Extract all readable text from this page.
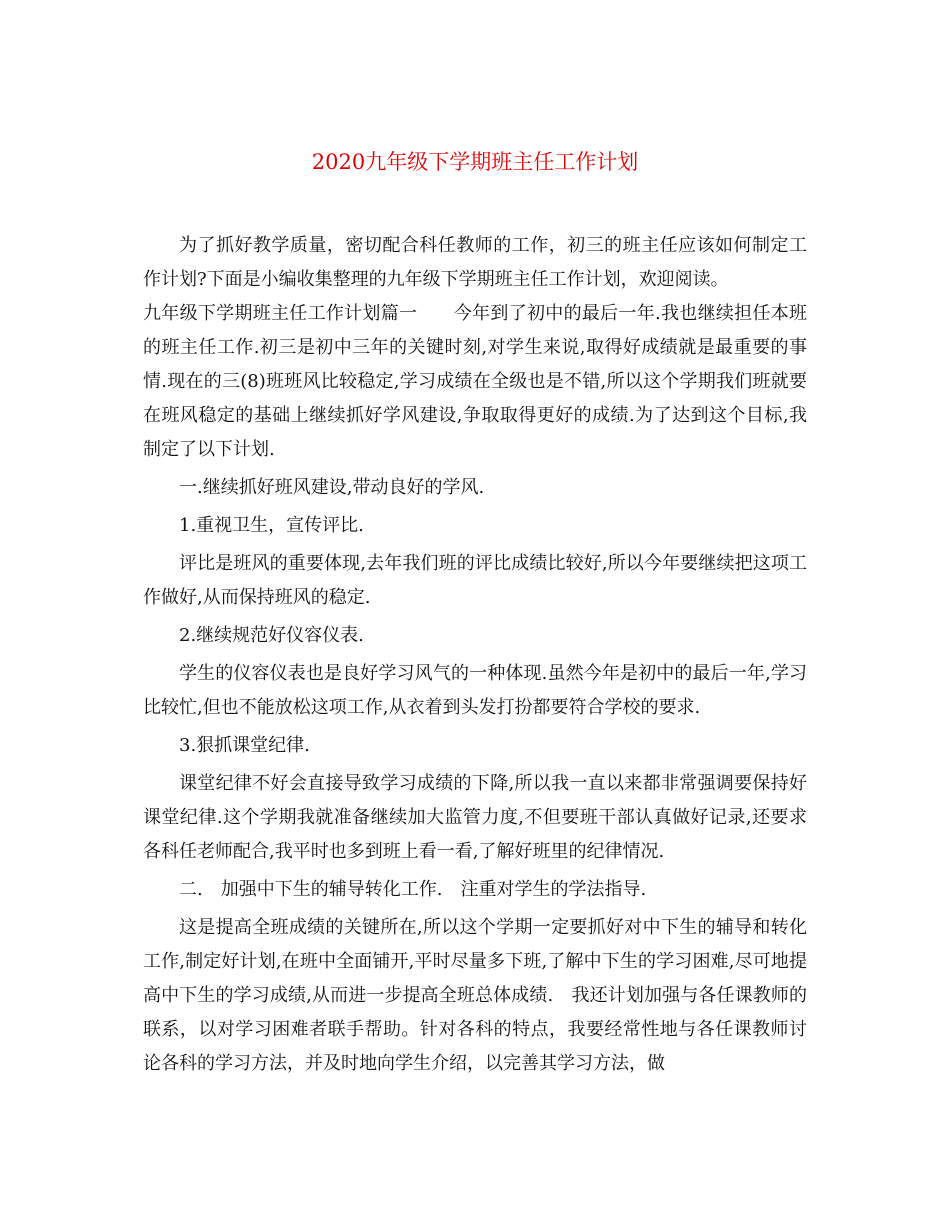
2020九年级下学期班主任工作计划

为了抓好教学质量，密切配合科任教师的工作，初三的班主任应该如何制定工作计划?下面是小编收集整理的九年级下学期班主任工作计划，欢迎阅读。

九年级下学期班主任工作计划篇一　　今年到了初中的最后一年.我也继续担任本班的班主任工作.初三是初中三年的关键时刻,对学生来说,取得好成绩就是最重要的事情.现在的三(8)班班风比较稳定,学习成绩在全级也是不错,所以这个学期我们班就要在班风稳定的基础上继续抓好学风建设,争取取得更好的成绩.为了达到这个目标,我制定了以下计划.

一.继续抓好班风建设,带动良好的学风.

1.重视卫生，宣传评比.

评比是班风的重要体现,去年我们班的评比成绩比较好,所以今年要继续把这项工作做好,从而保持班风的稳定.

2.继续规范好仪容仪表.

学生的仪容仪表也是良好学习风气的一种体现.虽然今年是初中的最后一年,学习比较忙,但也不能放松这项工作,从衣着到头发打扮都要符合学校的要求.

3.狠抓课堂纪律.

课堂纪律不好会直接导致学习成绩的下降,所以我一直以来都非常强调要保持好课堂纪律.这个学期我就准备继续加大监管力度,不但要班干部认真做好记录,还要求各科任老师配合,我平时也多到班上看一看,了解好班里的纪律情况.

二.　加强中下生的辅导转化工作.　注重对学生的学法指导.

这是提高全班成绩的关键所在,所以这个学期一定要抓好对中下生的辅导和转化工作,制定好计划,在班中全面铺开,平时尽量多下班,了解中下生的学习困难,尽可地提高中下生的学习成绩,从而进一步提高全班总体成绩.　我还计划加强与各任课教师的联系，以对学习困难者联手帮助。针对各科的特点，我要经常性地与各任课教师讨论各科的学习方法，并及时地向学生介绍，以完善其学习方法，做
